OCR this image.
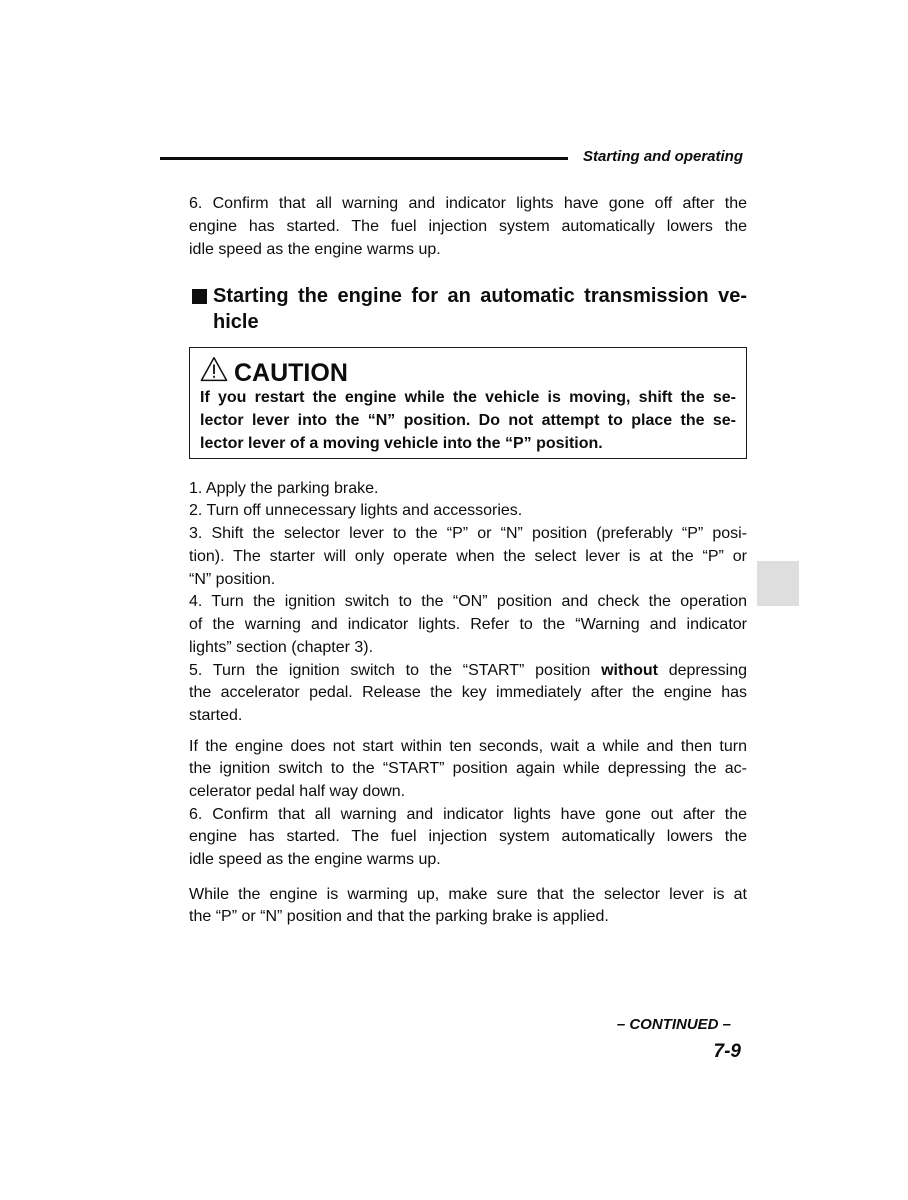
Starting and operating
6. Confirm that all warning and indicator lights have gone off after the
engine has started. The fuel injection system automatically lowers the
idle speed as the engine warms up.
Starting the engine for an automatic transmission ve-
hicle
CAUTION
If you restart the engine while the vehicle is moving, shift the se-
lector lever into the “N” position. Do not attempt to place the se-
lector lever of a moving vehicle into the “P” position.
1. Apply the parking brake.
2. Turn off unnecessary lights and accessories.
3. Shift the selector lever to the “P” or “N” position (preferably “P” posi-
tion). The starter will only operate when the select lever is at the “P” or
“N” position.
4. Turn the ignition switch to the “ON” position and check the operation
of the warning and indicator lights. Refer to the “Warning and indicator
lights” section (chapter 3).
5. Turn the ignition switch to the “START” position without depressing
the accelerator pedal. Release the key immediately after the engine has
started.
If the engine does not start within ten seconds, wait a while and then turn
the ignition switch to the “START” position again while depressing the ac-
celerator pedal half way down.
6. Confirm that all warning and indicator lights have gone out after the
engine has started. The fuel injection system automatically lowers the
idle speed as the engine warms up.
While the engine is warming up, make sure that the selector lever is at
the “P” or “N” position and that the parking brake is applied.
– CONTINUED –
7-9
